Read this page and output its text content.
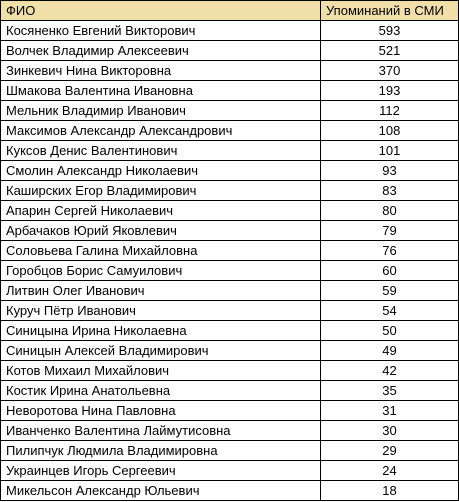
ФИО	Упоминаний в СМИ
Косяненко Евгений Викторович	593
Волчек Владимир Алексеевич	521
Зинкевич Нина Викторовна	370
Шмакова Валентина Ивановна	193
Мельник Владимир Иванович	112
Максимов Александр Александрович	108
Куксов Денис Валентинович	101
Смолин Александр Николаевич	93
Каширских Егор Владимирович	83
Апарин Сергей Николаевич	80
Арбачаков Юрий Яковлевич	79
Соловьева Галина Михайловна	76
Горобцов Борис Самуилович	60
Литвин Олег Иванович	59
Куруч Пётр Иванович	54
Синицына Ирина Николаевна	50
Синицын Алексей Владимирович	49
Котов Михаил Михайлович	42
Костик Ирина Анатольевна	35
Неворотова Нина Павловна	31
Иванченко Валентина Лаймутисовна	30
Пилипчук Людмила Владимировна	29
Украинцев Игорь Сергеевич	24
Микельсон Александр Юльевич	18
